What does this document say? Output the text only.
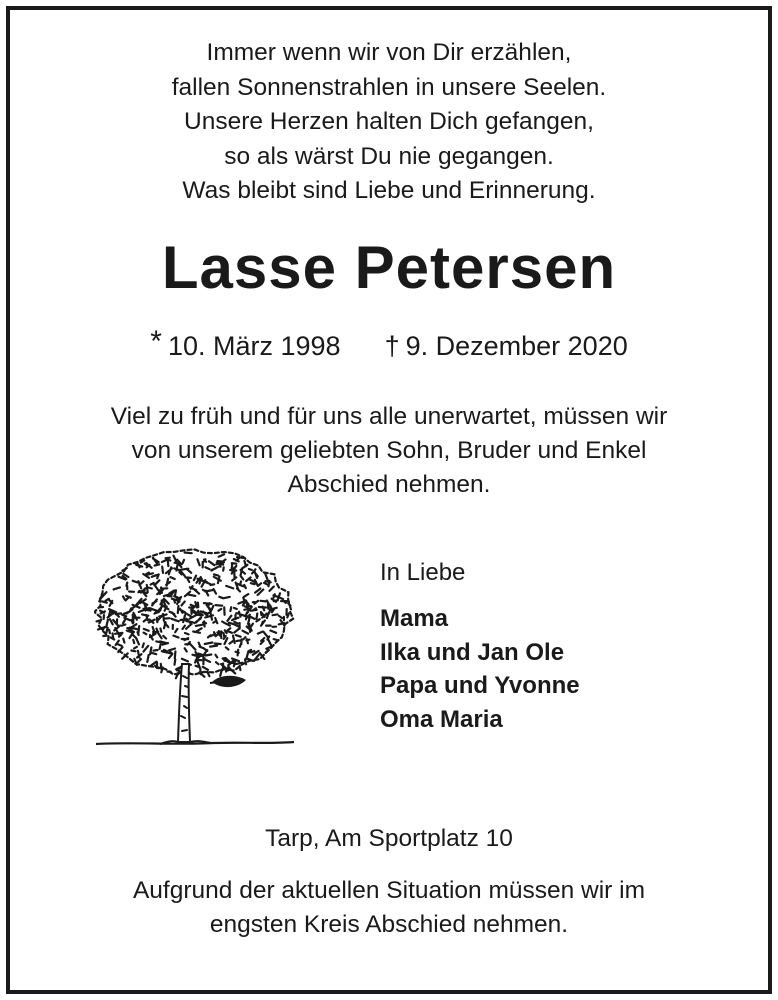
Immer wenn wir von Dir erzählen,
fallen Sonnenstrahlen in unsere Seelen.
Unsere Herzen halten Dich gefangen,
so als wärst Du nie gegangen.
Was bleibt sind Liebe und Erinnerung.
Lasse Petersen
* 10. März 1998 † 9. Dezember 2020
Viel zu früh und für uns alle unerwartet, müssen wir
von unserem geliebten Sohn, Bruder und Enkel
Abschied nehmen.
In Liebe
Mama
Ilka und Jan Ole
Papa und Yvonne
Oma Maria
Tarp, Am Sportplatz 10
Aufgrund der aktuellen Situation müssen wir im
engsten Kreis Abschied nehmen.
